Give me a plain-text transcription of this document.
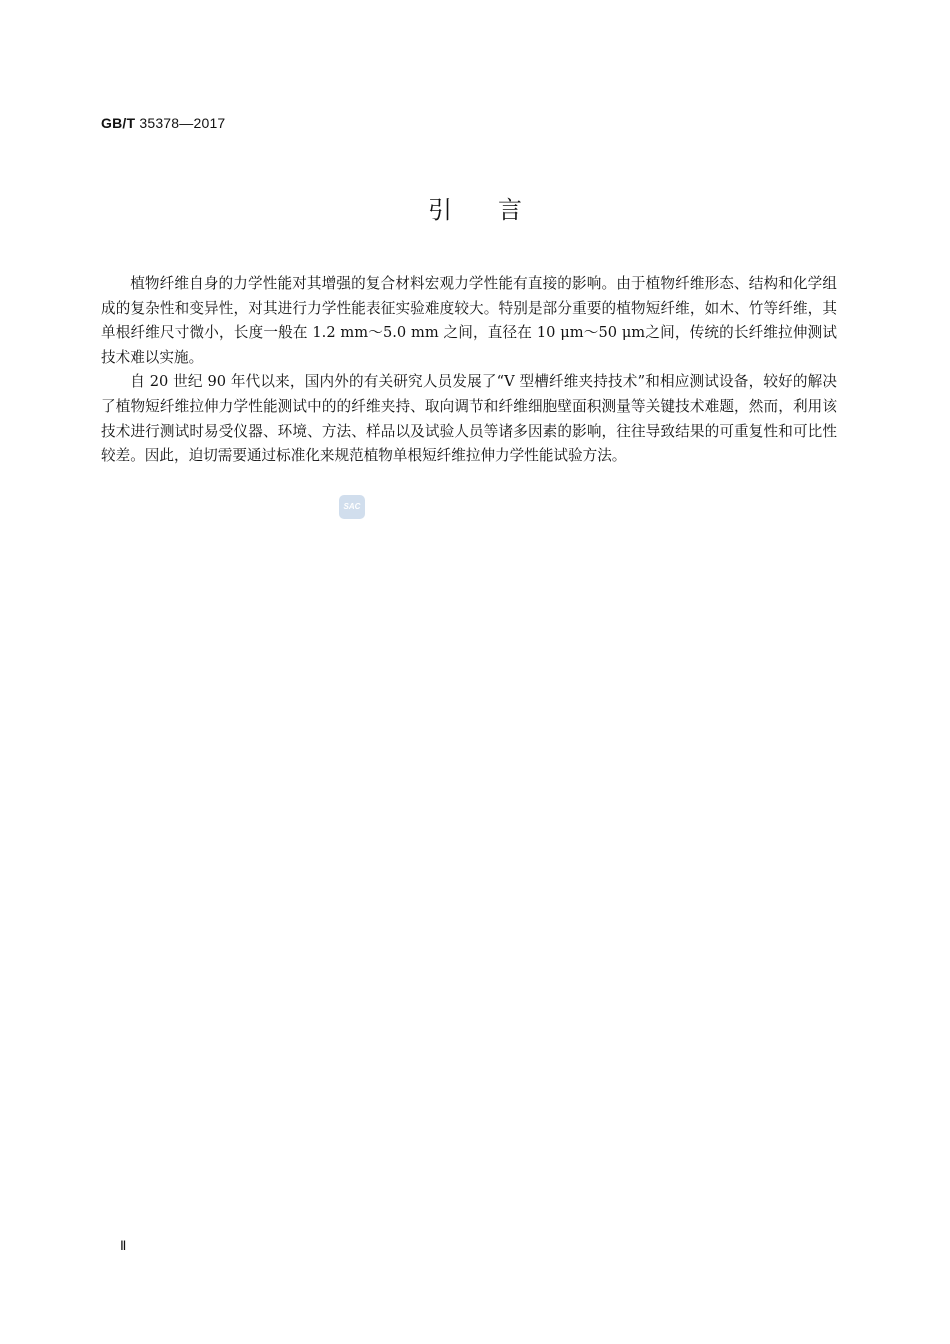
GB/T 35378—2017
引 言

植物纤维自身的力学性能对其增强的复合材料宏观力学性能有直接的影响。由于植物纤维形态、结构和化学组成的复杂性和变异性，对其进行力学性能表征实验难度较大。特别是部分重要的植物短纤维，如木、竹等纤维，其单根纤维尺寸微小，长度一般在 1.2 mm～5.0 mm 之间，直径在 10 μm～50 μm之间，传统的长纤维拉伸测试技术难以实施。

自 20 世纪 90 年代以来，国内外的有关研究人员发展了“V 型槽纤维夹持技术”和相应测试设备，较好的解决了植物短纤维拉伸力学性能测试中的的纤维夹持、取向调节和纤维细胞壁面积测量等关键技术难题，然而，利用该技术进行测试时易受仪器、环境、方法、样品以及试验人员等诸多因素的影响，往往导致结果的可重复性和可比性较差。因此，迫切需要通过标准化来规范植物单根短纤维拉伸力学性能试验方法。

SAC
Ⅱ
